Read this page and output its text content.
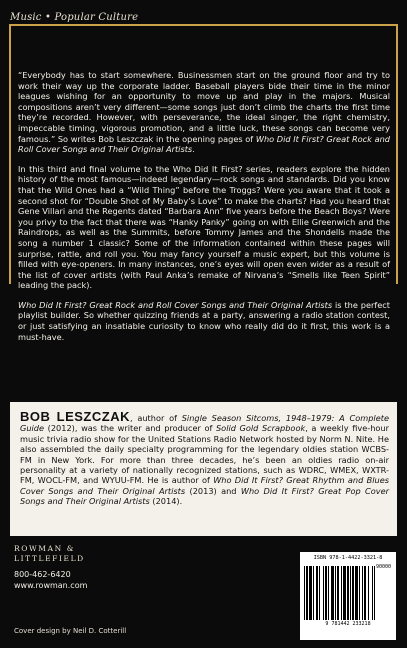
Music • Popular Culture

“Everybody has to start somewhere. Businessmen start on the ground floor and try to work their way up the corporate ladder. Baseball players bide their time in the minor leagues wishing for an opportunity to move up and play in the majors. Musical compositions aren’t very different—some songs just don’t climb the charts the first time they’re recorded. However, with perseverance, the ideal singer, the right chemistry, impeccable timing, vigorous promotion, and a little luck, these songs can become very famous.” So writes Bob Leszczak in the opening pages of Who Did It First? Great Rock and Roll Cover Songs and Their Original Artists.

In this third and final volume to the Who Did It First? series, readers explore the hidden history of the most famous—indeed legendary—rock songs and standards. Did you know that the Wild Ones had a “Wild Thing” before the Troggs? Were you aware that it took a second shot for “Double Shot of My Baby’s Love” to make the charts? Had you heard that Gene Villari and the Regents dated “Barbara Ann” five years before the Beach Boys? Were you privy to the fact that there was “Hanky Panky” going on with Ellie Greenwich and the Raindrops, as well as the Summits, before Tommy James and the Shondells made the song a number 1 classic? Some of the information contained within these pages will surprise, rattle, and roll you. You may fancy yourself a music expert, but this volume is filled with eye-openers. In many instances, one’s eyes will open even wider as a result of the list of cover artists (with Paul Anka’s remake of Nirvana’s “Smells like Teen Spirit” leading the pack).

Who Did It First? Great Rock and Roll Cover Songs and Their Original Artists is the perfect playlist builder. So whether quizzing friends at a party, answering a radio station contest, or just satisfying an insatiable curiosity to know who really did do it first, this work is a must-have.

BOB LESZCZAK, author of Single Season Sitcoms, 1948–1979: A Complete Guide (2012), was the writer and producer of Solid Gold Scrapbook, a weekly five-hour music trivia radio show for the United Stations Radio Network hosted by Norm N. Nite. He also assembled the daily specialty programming for the legendary oldies station WCBS-FM in New York. For more than three decades, he’s been an oldies radio on-air personality at a variety of nationally recognized stations, such as WDRC, WMEX, WXTR-FM, WOCL-FM, and WYUU-FM. He is author of Who Did It First? Great Rhythm and Blues Cover Songs and Their Original Artists (2013) and Who Did It First? Great Pop Cover Songs and Their Original Artists (2014).
ROWMAN &
LITTLEFIELD
800-462-6420
www.rowman.com
Cover design by Neil D. Cotterill
ISBN 978-1-4422-3321-8
90000
9 781442 233218
